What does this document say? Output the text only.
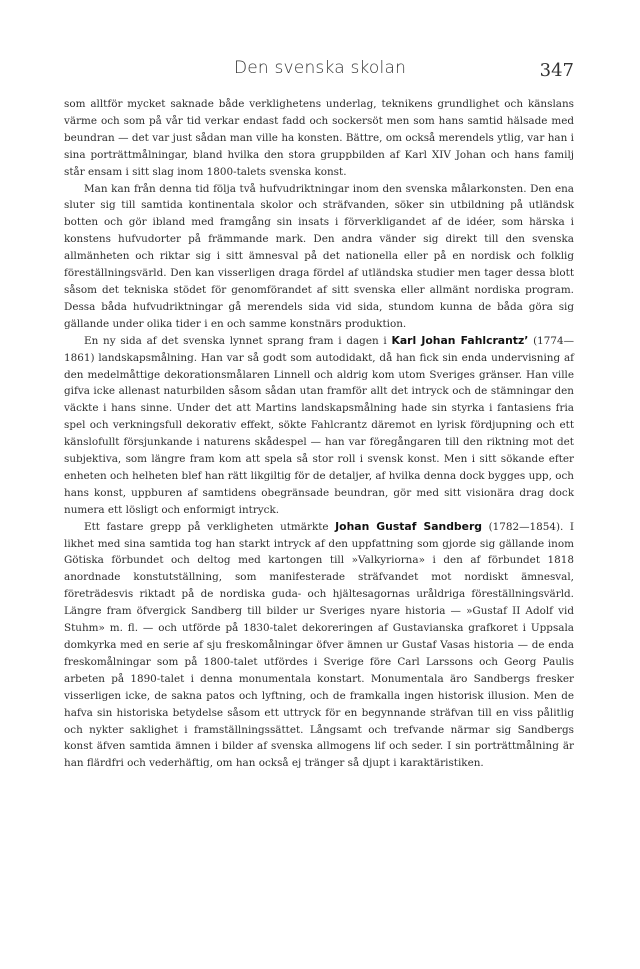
Den svenska skolan	347

som alltför mycket saknade både verklighetens underlag, teknikens grundlighet och känslans värme och som på vår tid verkar endast fadd och sockersöt men som hans samtid hälsade med beundran — det var just sådan man ville ha konsten. Bättre, om också merendels ytlig, var han i sina porträttmålningar, bland hvilka den stora gruppbilden af Karl XIV Johan och hans familj står ensam i sitt slag inom 1800-talets svenska konst.

Man kan från denna tid följa två hufvudriktningar inom den svenska målarkonsten. Den ena sluter sig till samtida kontinentala skolor och sträfvanden, söker sin utbildning på utländsk botten och gör ibland med framgång sin insats i förverkligandet af de idéer, som härska i konstens hufvudorter på främmande mark. Den andra vänder sig direkt till den svenska allmänheten och riktar sig i sitt ämnesval på det nationella eller på en nordisk och folklig föreställningsvärld. Den kan visserligen draga fördel af utländska studier men tager dessa blott såsom det tekniska stödet för genomförandet af sitt svenska eller allmänt nordiska program. Dessa båda hufvudriktningar gå merendels sida vid sida, stundom kunna de båda göra sig gällande under olika tider i en och samme konstnärs produktion.

En ny sida af det svenska lynnet sprang fram i dagen i Karl Johan Fahlcrantz’ (1774—1861) landskapsmålning. Han var så godt som autodidakt, då han fick sin enda undervisning af den medelmåttige dekorationsmålaren Linnell och aldrig kom utom Sveriges gränser. Han ville gifva icke allenast naturbilden såsom sådan utan framför allt det intryck och de stämningar den väckte i hans sinne. Under det att Martins landskapsmålning hade sin styrka i fantasiens fria spel och verkningsfull dekorativ effekt, sökte Fahlcrantz däremot en lyrisk fördjupning och ett känslofullt försjunkande i naturens skådespel — han var föregångaren till den riktning mot det subjektiva, som längre fram kom att spela så stor roll i svensk konst. Men i sitt sökande efter enheten och helheten blef han rätt likgiltig för de detaljer, af hvilka denna dock bygges upp, och hans konst, uppburen af samtidens obegränsade beundran, gör med sitt visionära drag dock numera ett lösligt och enformigt intryck.

Ett fastare grepp på verkligheten utmärkte Johan Gustaf Sandberg (1782—1854). I likhet med sina samtida tog han starkt intryck af den uppfattning som gjorde sig gällande inom Götiska förbundet och deltog med kartongen till »Valkyriorna» i den af förbundet 1818 anordnade konstutställning, som manifesterade sträfvandet mot nordiskt ämnesval, företrädesvis riktadt på de nordiska guda- och hjältesagornas uråldriga föreställningsvärld. Längre fram öfvergick Sandberg till bilder ur Sveriges nyare historia — »Gustaf II Adolf vid Stuhm» m. fl. — och utförde på 1830-talet dekoreringen af Gustavianska grafkoret i Uppsala domkyrka med en serie af sju freskomålningar öfver ämnen ur Gustaf Vasas historia — de enda freskomålningar som på 1800-talet utfördes i Sverige före Carl Larssons och Georg Paulis arbeten på 1890-talet i denna monumentala konstart. Monumentala äro Sandbergs fresker visserligen icke, de sakna patos och lyftning, och de framkalla ingen historisk illusion. Men de hafva sin historiska betydelse såsom ett uttryck för en begynnande sträfvan till en viss pålitlig och nykter saklighet i framställningssättet. Långsamt och trefvande närmar sig Sandbergs konst äfven samtida ämnen i bilder af svenska allmogens lif och seder. I sin porträttmålning är han flärdfri och vederhäftig, om han också ej tränger så djupt i karaktäristiken.
